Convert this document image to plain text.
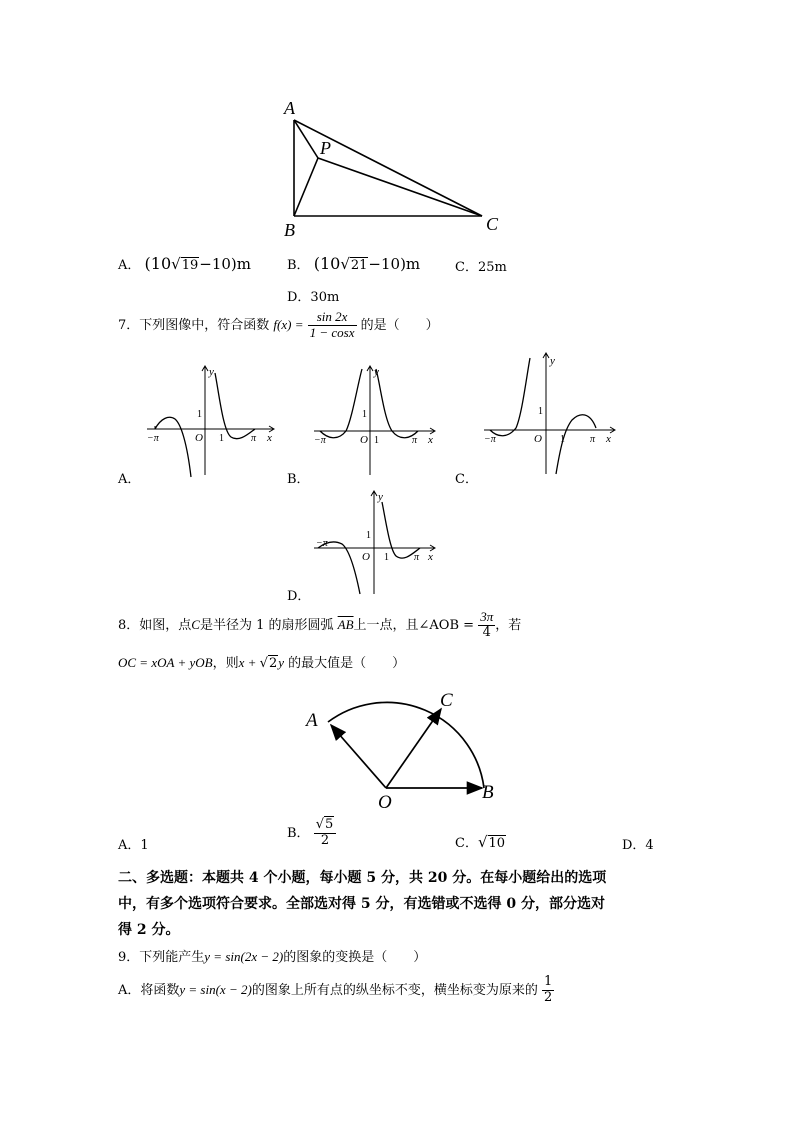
A
P
B	C
A． (10√19−10)m	B． (10√21−10)m	C．25m
D．30m
7．下列图像中，符合函数 $f(x) = \frac{\sin 2x}{1 - \cos x}$ 的是（　　）
y
x
O
1
1
−π	π
A．
y
x
O
1
1
−π	π
B．
y
x
O
1
1
−π	π
C．
y
x
O
1
1
−π
π
D．
8．如图，点C是半径为 1 的扇形圆弧 $\overline{AB}$上一点，且∠AOB = $\frac{3\pi}{4}$ ，若
OC = xOA + yOB，则x + √2y 的最大值是（　　）
A
C
B
O
A．1
B． $\frac{√5}{2}$	C．√10	D．4
二、多选题：本题共 4 个小题，每小题 5 分，共 20 分。在每小题给出的选项
中，有多个选项符合要求。全部选对得 5 分，有选错或不选得 0 分，部分选对
得 2 分。
9．下列能产生y = sin(2x − 2)的图象的变换是（　　）
A．将函数y = sin(x − 2)的图象上所有点的纵坐标不变，横坐标变为原来的 $\frac{1}{2}$
